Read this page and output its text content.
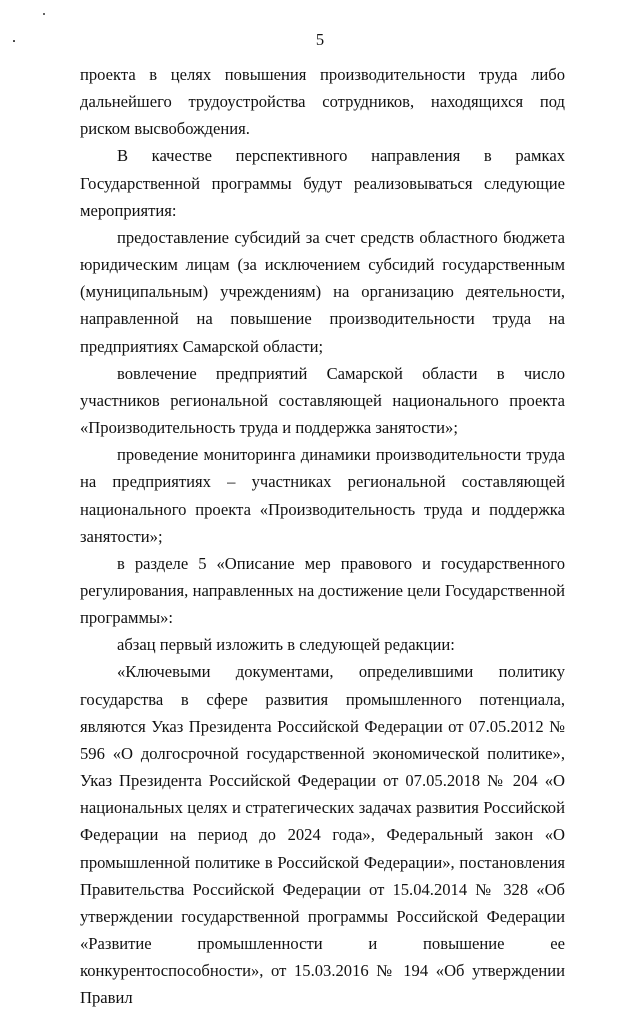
5

проекта в целях повышения производительности труда либо дальнейшего трудоустройства сотрудников, находящихся под риском высвобождения.

В качестве перспективного направления в рамках Государственной программы будут реализовываться следующие мероприятия:

предоставление субсидий за счет средств областного бюджета юридическим лицам (за исключением субсидий государственным (муниципальным) учреждениям) на организацию деятельности, направленной на повышение производительности труда на предприятиях Самарской области;

вовлечение предприятий Самарской области в число участников региональной составляющей национального проекта «Производительность труда и поддержка занятости»;

проведение мониторинга динамики производительности труда на предприятиях – участниках региональной составляющей национального проекта «Производительность труда и поддержка занятости»;

в разделе 5 «Описание мер правового и государственного регулирования, направленных на достижение цели Государственной программы»:

абзац первый изложить в следующей редакции:

«Ключевыми документами, определившими политику государства в сфере развития промышленного потенциала, являются Указ Президента Российской Федерации от 07.05.2012 № 596 «О долгосрочной государственной экономической политике», Указ Президента Российской Федерации от 07.05.2018 № 204 «О национальных целях и стратегических задачах развития Российской Федерации на период до 2024 года», Федеральный закон «О промышленной политике в Российской Федерации», постановления Правительства Российской Федерации от 15.04.2014 № 328 «Об утверждении государственной программы Российской Федерации «Развитие промышленности и повышение ее конкурентоспособности», от 15.03.2016 № 194 «Об утверждении Правил
